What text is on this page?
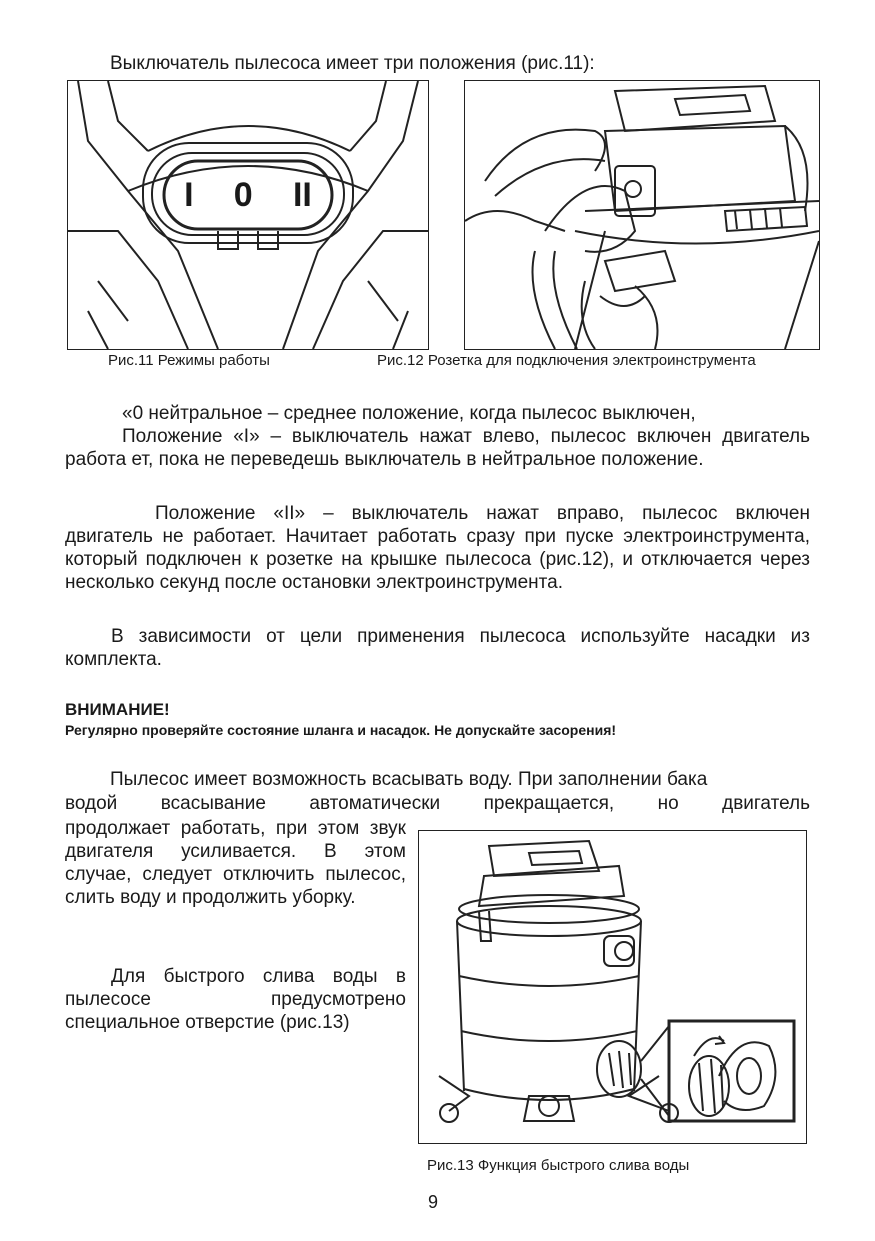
Выключатель пылесоса имеет три положения (рис.11):
I 0 II
Рис.11 Режимы работы	Рис.12 Розетка для подключения электроинструмента
«0 нейтральное – среднее положение, когда пылесос выключен,

Положение «I» – выключатель нажат влево, пылесос включен двигатель работа ет, пока не переведешь выключатель в нейтральное положение.

Положение «II» – выключатель нажат вправо, пылесос включен двигатель не работает. Начитает работать сразу при пуске электроинструмента, который подключен к розетке на крышке пылесоса (рис.12), и отключается через несколько секунд после остановки электроинструмента.

В зависимости от цели применения пылесоса используйте насадки из комплекта.

ВНИМАНИЕ!
Регулярно проверяйте состояние шланга и насадок. Не допускайте засорения!
Пылесос имеет возможность всасывать воду. При заполнении бака
водой всасывание автоматически прекращается, но двигатель

продолжает работать, при этом звук двигателя усиливается. В этом случае, следует отключить пылесос, слить воду и продолжить уборку.

Для быстрого слива воды в пылесосе предусмотрено специальное отверстие (рис.13)

Рис.13 Функция быстрого слива воды
9
